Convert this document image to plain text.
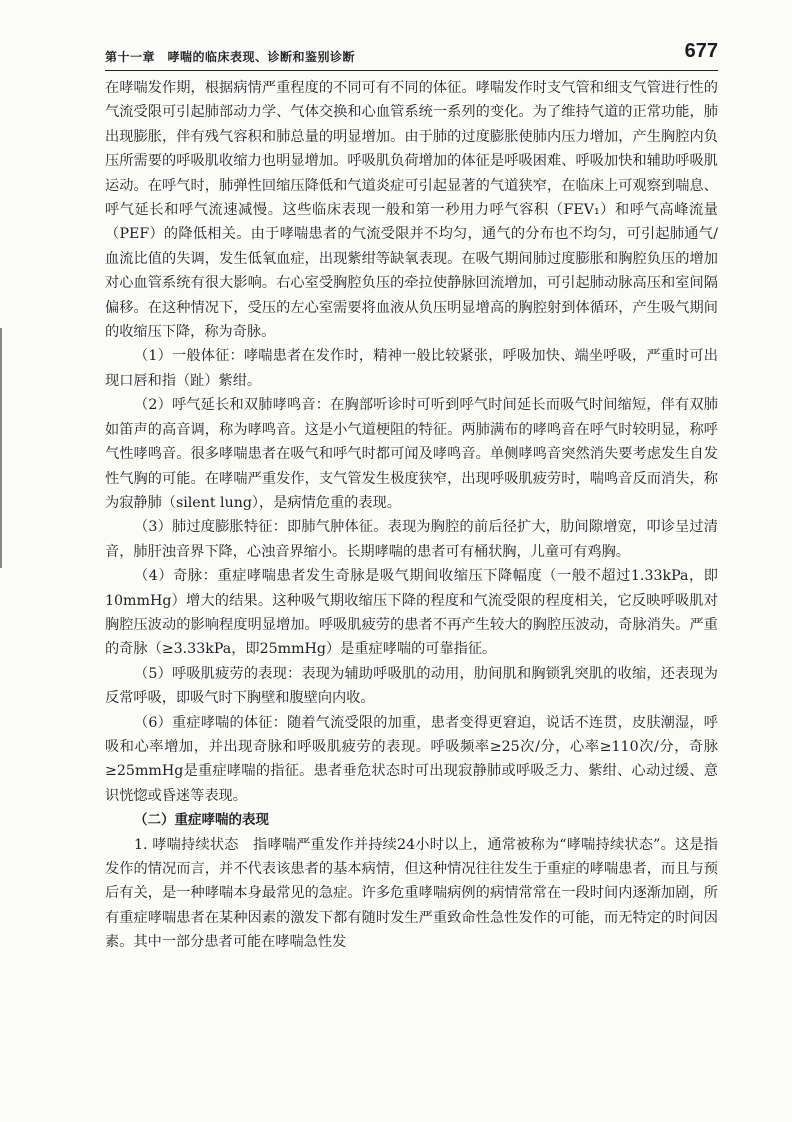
第十一章　哮喘的临床表现、诊断和鉴别诊断	677

在哮喘发作期，根据病情严重程度的不同可有不同的体征。哮喘发作时支气管和细支气管进行性的气流受限可引起肺部动力学、气体交换和心血管系统一系列的变化。为了维持气道的正常功能，肺出现膨胀，伴有残气容积和肺总量的明显增加。由于肺的过度膨胀使肺内压力增加，产生胸腔内负压所需要的呼吸肌收缩力也明显增加。呼吸肌负荷增加的体征是呼吸困难、呼吸加快和辅助呼吸肌运动。在呼气时，肺弹性回缩压降低和气道炎症可引起显著的气道狭窄，在临床上可观察到喘息、呼气延长和呼气流速减慢。这些临床表现一般和第一秒用力呼气容积（FEV₁）和呼气高峰流量（PEF）的降低相关。由于哮喘患者的气流受限并不均匀，通气的分布也不均匀，可引起肺通气/血流比值的失调，发生低氧血症，出现紫绀等缺氧表现。在吸气期间肺过度膨胀和胸腔负压的增加对心血管系统有很大影响。右心室受胸腔负压的牵拉使静脉回流增加，可引起肺动脉高压和室间隔偏移。在这种情况下，受压的左心室需要将血液从负压明显增高的胸腔射到体循环，产生吸气期间的收缩压下降，称为奇脉。

（1）一般体征：哮喘患者在发作时，精神一般比较紧张，呼吸加快、端坐呼吸，严重时可出现口唇和指（趾）紫绀。

（2）呼气延长和双肺哮鸣音：在胸部听诊时可听到呼气时间延长而吸气时间缩短，伴有双肺如笛声的高音调，称为哮鸣音。这是小气道梗阻的特征。两肺满布的哮鸣音在呼气时较明显，称呼气性哮鸣音。很多哮喘患者在吸气和呼气时都可闻及哮鸣音。单侧哮鸣音突然消失要考虑发生自发性气胸的可能。在哮喘严重发作，支气管发生极度狭窄，出现呼吸肌疲劳时，喘鸣音反而消失，称为寂静肺（silent lung），是病情危重的表现。

（3）肺过度膨胀特征：即肺气肿体征。表现为胸腔的前后径扩大，肋间隙增宽，叩诊呈过清音，肺肝浊音界下降，心浊音界缩小。长期哮喘的患者可有桶状胸，儿童可有鸡胸。

（4）奇脉：重症哮喘患者发生奇脉是吸气期间收缩压下降幅度（一般不超过1.33kPa，即10mmHg）增大的结果。这种吸气期收缩压下降的程度和气流受限的程度相关，它反映呼吸肌对胸腔压波动的影响程度明显增加。呼吸肌疲劳的患者不再产生较大的胸腔压波动，奇脉消失。严重的奇脉（≥3.33kPa，即25mmHg）是重症哮喘的可靠指征。

（5）呼吸肌疲劳的表现：表现为辅助呼吸肌的动用，肋间肌和胸锁乳突肌的收缩，还表现为反常呼吸，即吸气时下胸壁和腹壁向内收。

（6）重症哮喘的体征：随着气流受限的加重，患者变得更窘迫，说话不连贯，皮肤潮湿，呼吸和心率增加，并出现奇脉和呼吸肌疲劳的表现。呼吸频率≥25次/分，心率≥110次/分，奇脉≥25mmHg是重症哮喘的指征。患者垂危状态时可出现寂静肺或呼吸乏力、紫绀、心动过缓、意识恍惚或昏迷等表现。

（二）重症哮喘的表现

1. 哮喘持续状态　指哮喘严重发作并持续24小时以上，通常被称为“哮喘持续状态”。这是指发作的情况而言，并不代表该患者的基本病情，但这种情况往往发生于重症的哮喘患者，而且与预后有关，是一种哮喘本身最常见的急症。许多危重哮喘病例的病情常常在一段时间内逐渐加剧，所有重症哮喘患者在某种因素的激发下都有随时发生严重致命性急性发作的可能，而无特定的时间因素。其中一部分患者可能在哮喘急性发
